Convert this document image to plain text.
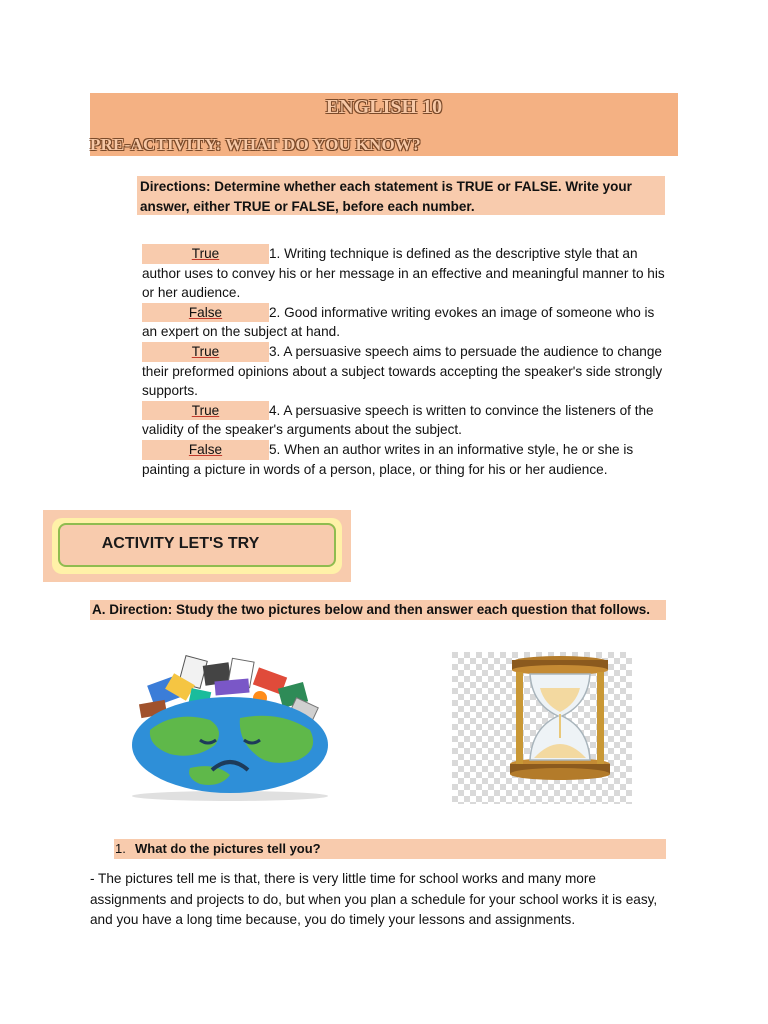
ENGLISH 10
PRE-ACTIVITY: WHAT DO YOU KNOW?
Directions: Determine whether each statement is TRUE or FALSE. Write your answer, either TRUE or FALSE, before each number.

True	1. Writing technique is defined as the descriptive style that an author uses to convey his or her message in an effective and meaningful manner to his or her audience.

False	2. Good informative writing evokes an image of someone who is an expert on the subject at hand.

True	3. A persuasive speech aims to persuade the audience to change their preformed opinions about a subject towards accepting the speaker's side strongly supports.

True	4. A persuasive speech is written to convince the listeners of the validity of the speaker's arguments about the subject.

False	5. When an author writes in an informative style, he or she is painting a picture in words of a person, place, or thing for his or her audience.

ACTIVITY LET'S TRY
A. Direction: Study the two pictures below and then answer each question that follows.
1. What do the pictures tell you?
- The pictures tell me is that, there is very little time for school works and many more assignments and projects to do, but when you plan a schedule for your school works it is easy, and you have a long time because, you do timely your lessons and assignments.
